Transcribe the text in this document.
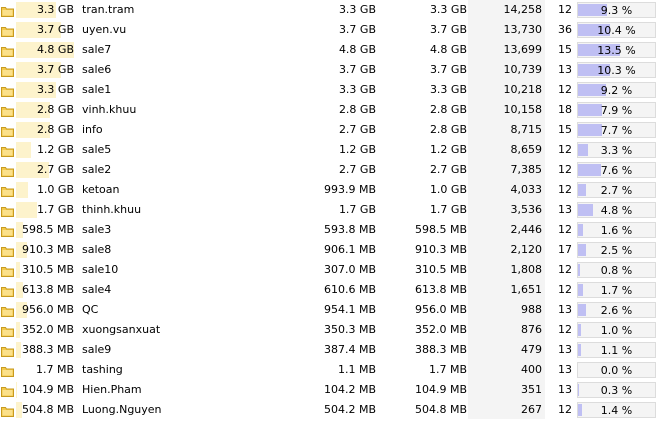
3.3 GB tran.tram	3.3 GB	3.3 GB	14,258	12	9.3 %
3.7 GB uyen.vu	3.7 GB	3.7 GB	13,730	36	10.4 %
4.8 GB sale7	4.8 GB	4.8 GB	13,699	15	13.5 %
3.7 GB sale6	3.7 GB	3.7 GB	10,739	13	10.3 %
3.3 GB sale1	3.3 GB	3.3 GB	10,218	12	9.2 %
2.8 GB vinh.khuu	2.8 GB	2.8 GB	10,158	18	7.9 %
2.8 GB info	2.7 GB	2.8 GB	8,715	15	7.7 %
1.2 GB sale5	1.2 GB	1.2 GB	8,659	12	3.3 %
2.7 GB sale2	2.7 GB	2.7 GB	7,385	12	7.6 %
1.0 GB ketoan	993.9 MB	1.0 GB	4,033	12	2.7 %
1.7 GB thinh.khuu	1.7 GB	1.7 GB	3,536	13	4.8 %
598.5 MB sale3	593.8 MB	598.5 MB	2,446	12	1.6 %
910.3 MB sale8	906.1 MB	910.3 MB	2,120	17	2.5 %
310.5 MB sale10	307.0 MB	310.5 MB	1,808	12	0.8 %
613.8 MB sale4	610.6 MB	613.8 MB	1,651	12	1.7 %
956.0 MB QC	954.1 MB	956.0 MB	988	13	2.6 %
352.0 MB xuongsanxuat	350.3 MB	352.0 MB	876	12	1.0 %
388.3 MB sale9	387.4 MB	388.3 MB	479	13	1.1 %
1.7 MB tashing	1.1 MB	1.7 MB	400	13	0.0 %
104.9 MB Hien.Pham	104.2 MB	104.9 MB	351	13	0.3 %
504.8 MB Luong.Nguyen	504.2 MB	504.8 MB	267	12	1.4 %
